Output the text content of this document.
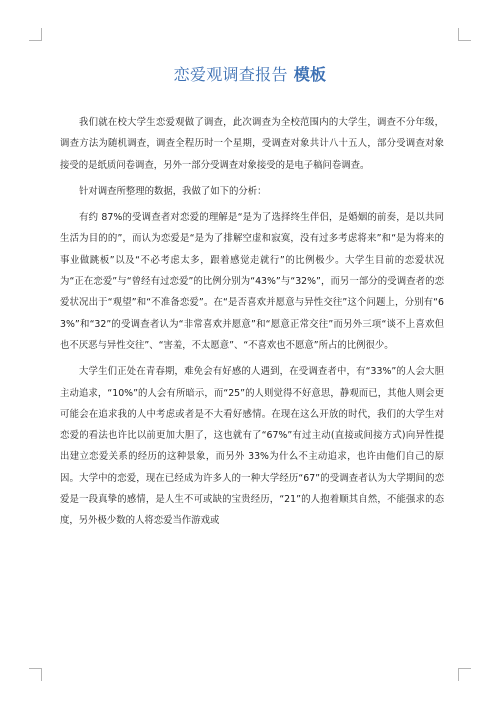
恋爱观调查报告 模板

我们就在校大学生恋爱观做了调查，此次调查为全校范围内的大学生，调查不分年级，调查方法为随机调查，调查全程历时一个星期，受调查对象共计八十五人，部分受调查对象接受的是纸质问卷调查，另外一部分受调查对象接受的是电子稿问卷调查。

针对调查所整理的数据，我做了如下的分析：

有约 87%的受调查者对恋爱的理解是“是为了选择终生伴侣，是婚姻的前奏，是以共同生活为目的的”，而认为恋爱是“是为了排解空虚和寂寞，没有过多考虑将来”和“是为将来的事业做跳板”以及“不必考虑太多，跟着感觉走就行”的比例极少。大学生目前的恋爱状况为“正在恋爱”与“曾经有过恋爱”的比例分别为“43%”与“32%”，而另一部分的受调查者的恋爱状况出于“观望”和“不准备恋爱”。在“是否喜欢并愿意与异性交往”这个问题上，分别有“63%”和“32”的受调查者认为“非常喜欢并愿意”和“愿意正常交往”而另外三项“谈不上喜欢但也不厌恶与异性交往”、“害羞，不太愿意”、“不喜欢也不愿意”所占的比例很少。

大学生们正处在青春期，难免会有好感的人遇到，在受调查者中，有“33%”的人会大胆主动追求，“10%”的人会有所暗示，而“25”的人则觉得不好意思，静观而已，其他人则会更可能会在追求我的人中考虑或者是不大看好感情。在现在这么开放的时代，我们的大学生对恋爱的看法也许比以前更加大胆了，这也就有了“67%”有过主动(直接或间接方式)向异性提出建立恋爱关系的经历的这种景象，而另外 33%为什么不主动追求，也许由他们自己的原因。大学中的恋爱，现在已经成为许多人的一种大学经历“67”的受调查者认为大学期间的恋爱是一段真挚的感情，是人生不可或缺的宝贵经历，“21”的人抱着顺其自然，不能强求的态度，另外极少数的人将恋爱当作游戏或
